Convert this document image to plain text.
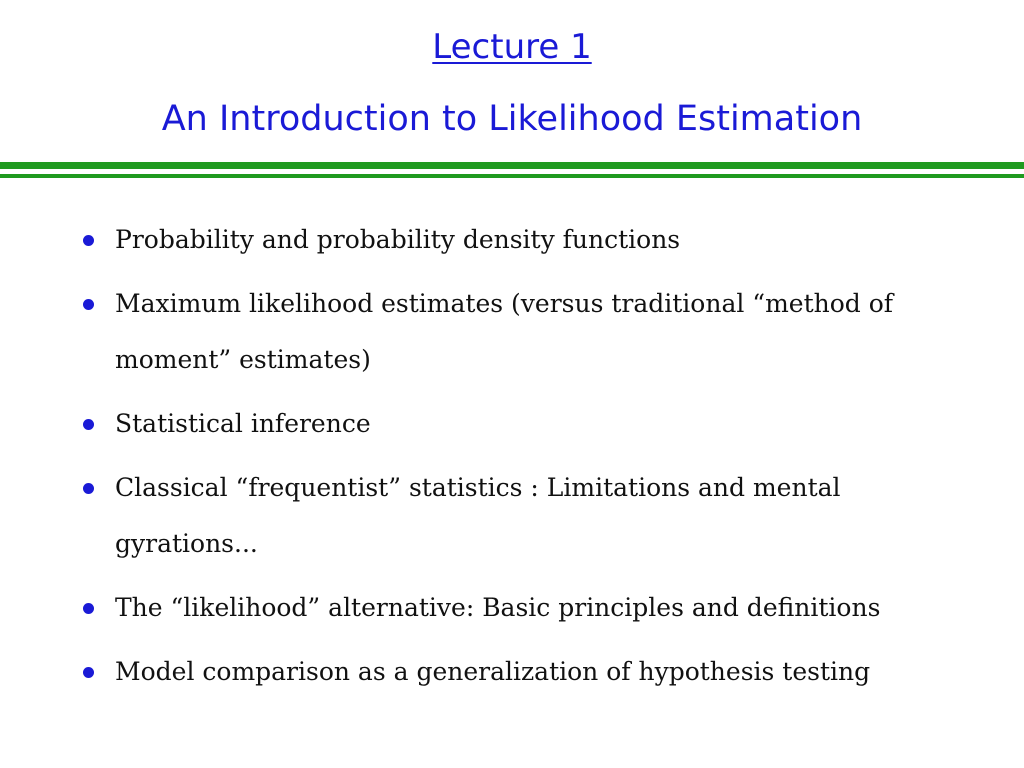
Lecture 1
An Introduction to Likelihood Estimation
Probability and probability density functions
Maximum likelihood estimates (versus traditional “method of moment” estimates)
Statistical inference
Classical “frequentist” statistics : Limitations and mental gyrations...
The “likelihood” alternative: Basic principles and definitions
Model comparison as a generalization of hypothesis testing
